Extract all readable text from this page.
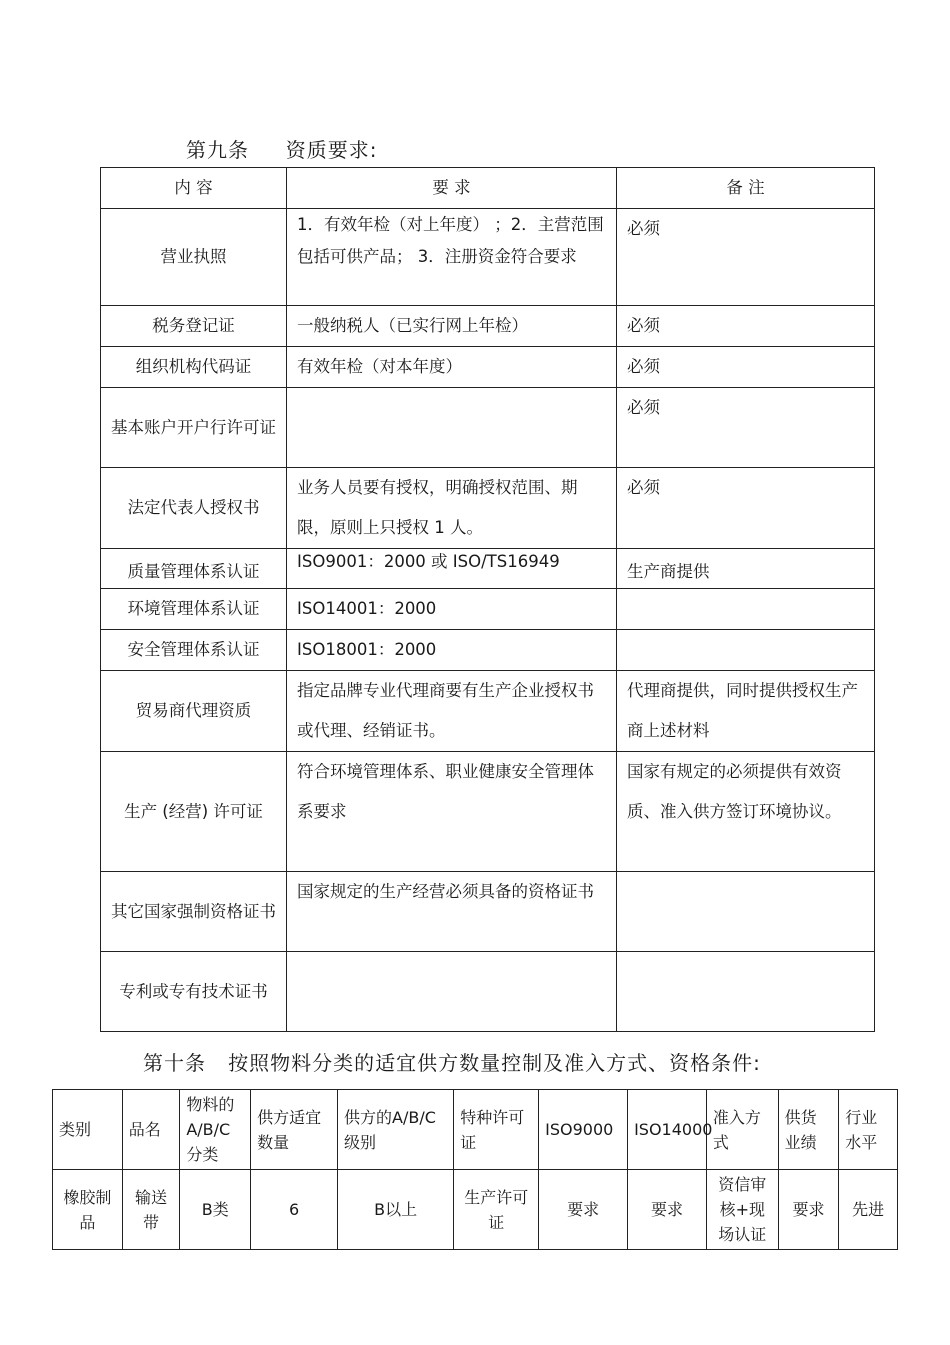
第九条     资质要求:
内 容	要 求	备 注
营业执照	1．有效年检（对上年度） ；2．主营范围包括可供产品； 3．注册资金符合要求	必须
税务登记证	一般纳税人（已实行网上年检）	必须
组织机构代码证	有效年检（对本年度）	必须
基本账户开户行许可证		必须
法定代表人授权书	业务人员要有授权，明确授权范围、期限，原则上只授权 1 人。	必须
质量管理体系认证	ISO9001：2000 或 ISO/TS16949	生产商提供
环境管理体系认证	ISO14001：2000	
安全管理体系认证	ISO18001：2000	
贸易商代理资质	指定品牌专业代理商要有生产企业授权书或代理、经销证书。	代理商提供，同时提供授权生产商上述材料
生产 (经营) 许可证	符合环境管理体系、职业健康安全管理体系要求	国家有规定的必须提供有效资质、准入供方签订环境协议。
其它国家强制资格证书	国家规定的生产经营必须具备的资格证书	
专利或专有技术证书		
第十条   按照物料分类的适宜供方数量控制及准入方式、资格条件:
类别	品名	物料的A/B/C分类	供方适宜数量	供方的A/B/C 级别	特种许可证	ISO9000	ISO14000	准入方式	供货业绩	行业水平
橡胶制品	输送带	B类	6	B以上	生产许可证	要求	要求	资信审核+现场认证	要求	先进
